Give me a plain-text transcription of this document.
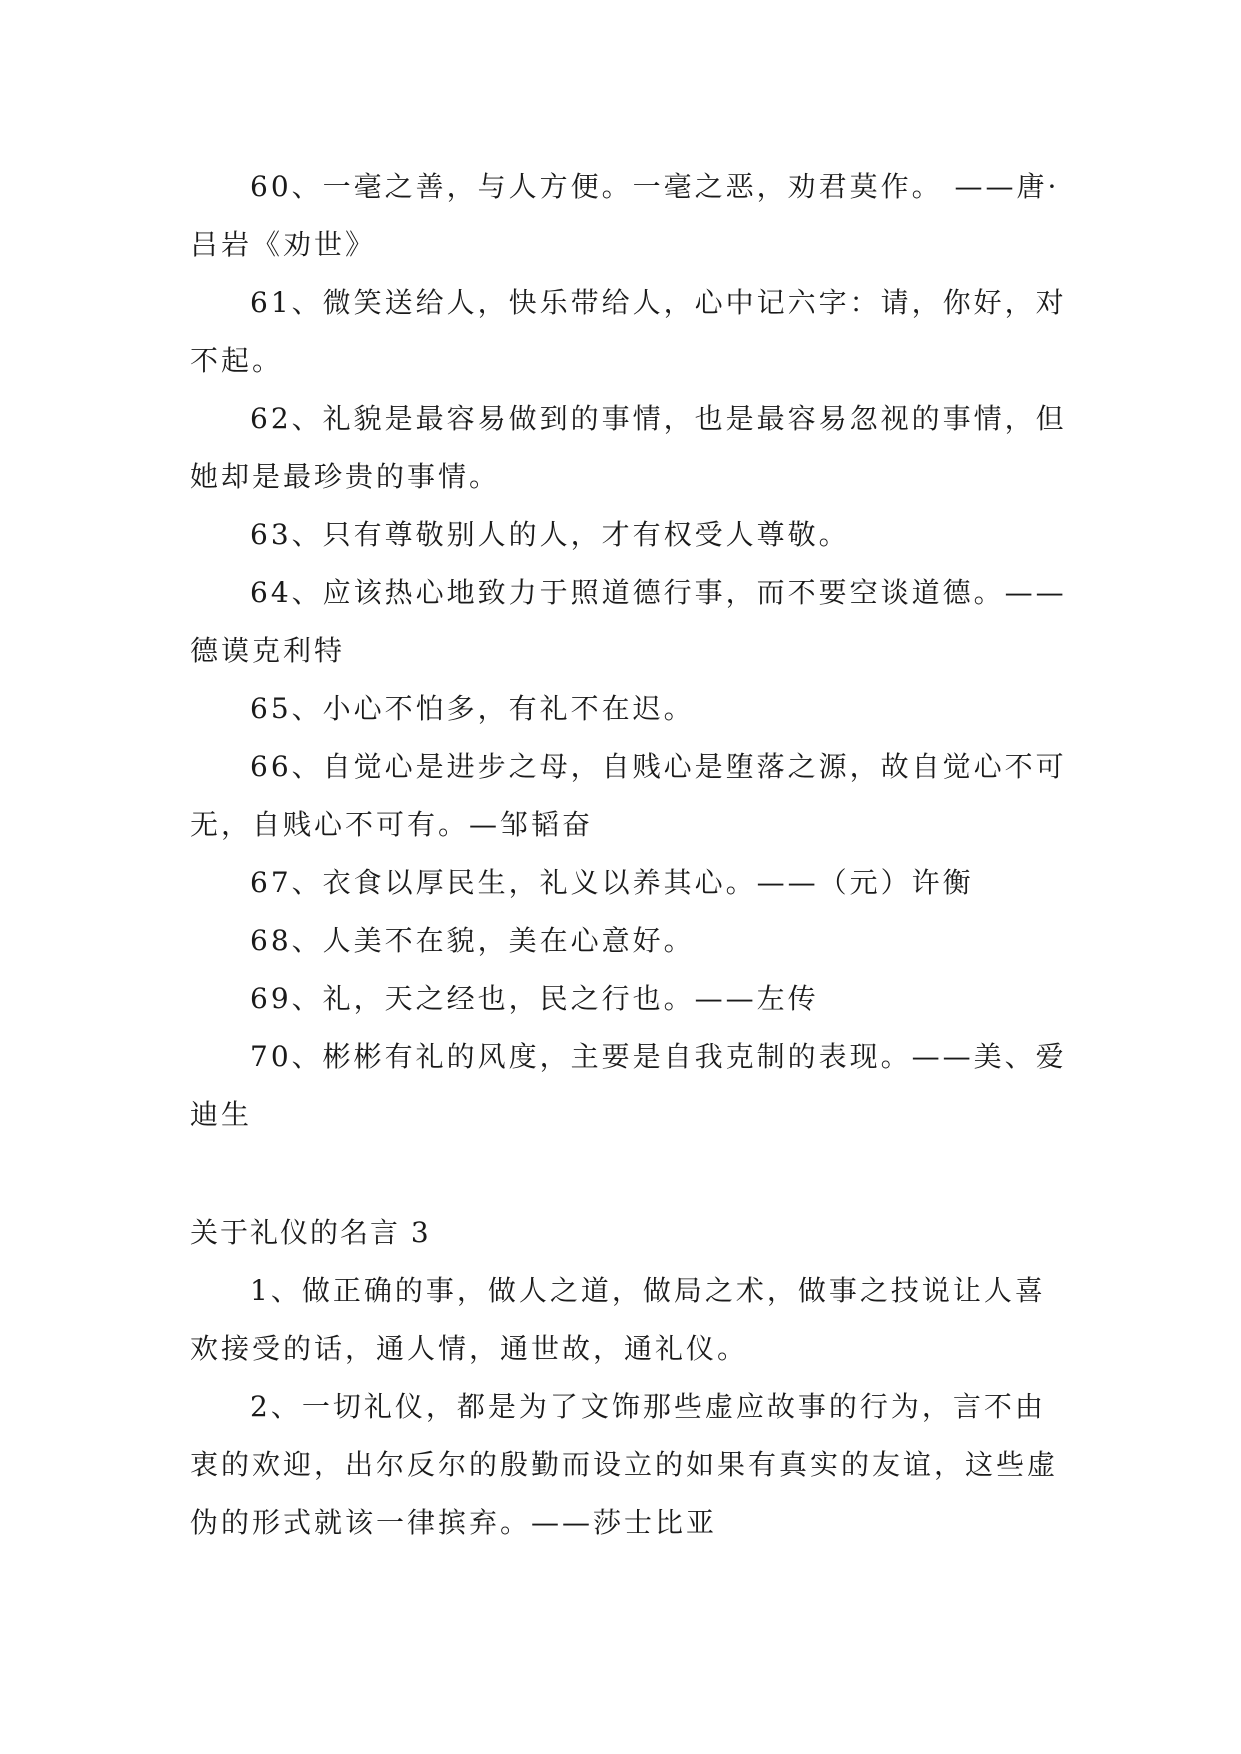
60、一毫之善，与人方便。一毫之恶，劝君莫作。 ——唐·吕岩《劝世》

61、微笑送给人，快乐带给人，心中记六字：请，你好，对不起。

62、礼貌是最容易做到的事情，也是最容易忽视的事情，但她却是最珍贵的事情。

63、只有尊敬别人的人，才有权受人尊敬。

64、应该热心地致力于照道德行事，而不要空谈道德。——德谟克利特

65、小心不怕多，有礼不在迟。

66、自觉心是进步之母，自贱心是堕落之源，故自觉心不可无，自贱心不可有。—邹韬奋

67、衣食以厚民生，礼义以养其心。——（元）许衡

68、人美不在貌，美在心意好。

69、礼，天之经也，民之行也。——左传

70、彬彬有礼的风度，主要是自我克制的表现。——美、爱迪生

关于礼仪的名言 3

1、做正确的事，做人之道，做局之术，做事之技说让人喜欢接受的话，通人情，通世故，通礼仪。

2、一切礼仪，都是为了文饰那些虚应故事的行为，言不由衷的欢迎，出尔反尔的殷勤而设立的如果有真实的友谊，这些虚伪的形式就该一律摈弃。——莎士比亚
